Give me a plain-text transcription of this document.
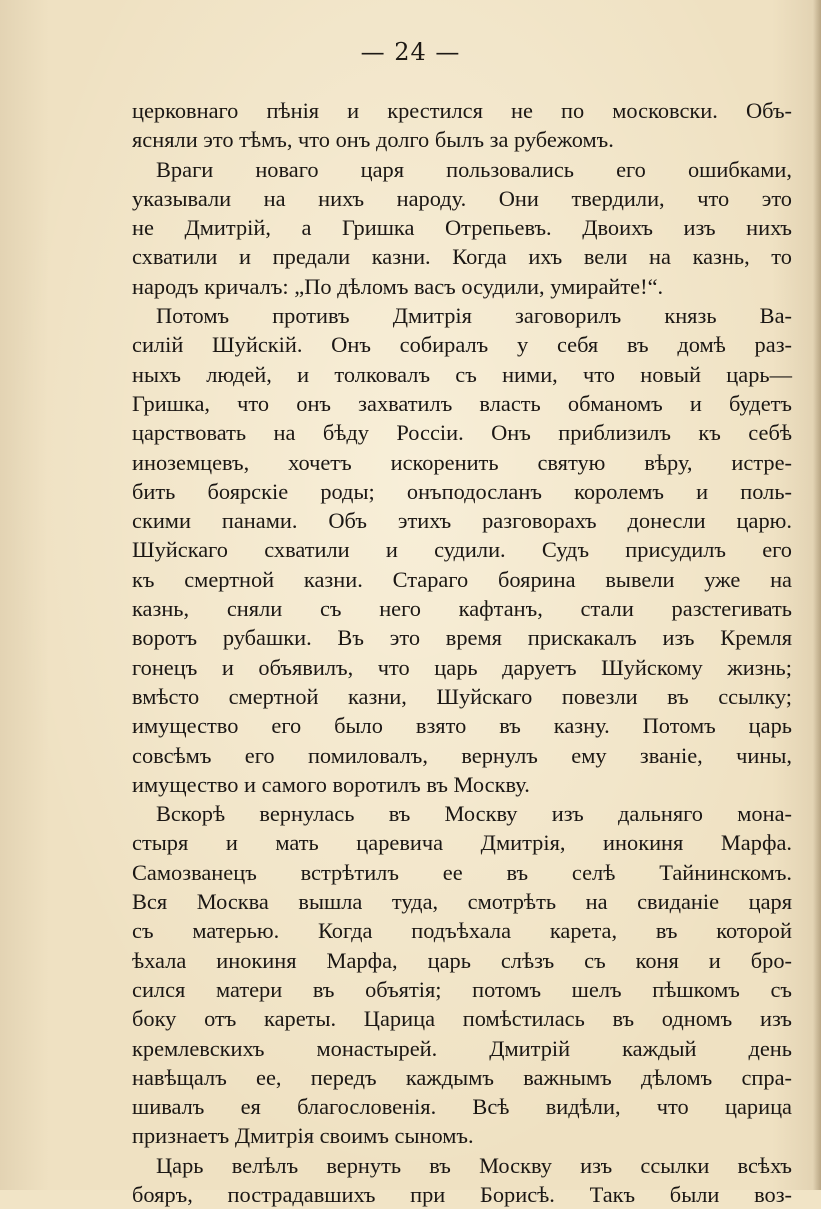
— 24 —
церковнаго пѣнія и крестился не по московски. Объ-
ясняли это тѣмъ, что онъ долго былъ за рубежомъ.
Враги новаго царя пользовались его ошибками,
указывали на нихъ народу. Они твердили, что это
не Дмитрій, а Гришка Отрепьевъ. Двоихъ изъ нихъ
схватили и предали казни. Когда ихъ вели на казнь, то
народъ кричалъ: „По дѣломъ васъ осудили, умирайте!“.
Потомъ противъ Дмитрія заговорилъ князь Ва-
силій Шуйскій. Онъ собиралъ у себя въ домѣ раз-
ныхъ людей, и толковалъ съ ними, что новый царь—
Гришка, что онъ захватилъ власть обманомъ и будетъ
царствовать на бѣду Россіи. Онъ приблизилъ къ себѣ
иноземцевъ, хочетъ искоренить святую вѣру, истре-
бить боярскіе роды; онъподосланъ королемъ и поль-
скими панами. Объ этихъ разговорахъ донесли царю.
Шуйскаго схватили и судили. Судъ присудилъ его
къ смертной казни. Стараго боярина вывели уже на
казнь, сняли съ него кафтанъ, стали разстегивать
воротъ рубашки. Въ это время прискакалъ изъ Кремля
гонецъ и объявилъ, что царь даруетъ Шуйскому жизнь;
вмѣсто смертной казни, Шуйскаго повезли въ ссылку;
имущество его было взято въ казну. Потомъ царь
совсѣмъ его помиловалъ, вернулъ ему званіе, чины,
имущество и самого воротилъ въ Москву.
Вскорѣ вернулась въ Москву изъ дальняго мона-
стыря и мать царевича Дмитрія, инокиня Марфа.
Самозванецъ встрѣтилъ ее въ селѣ Тайнинскомъ.
Вся Москва вышла туда, смотрѣть на свиданіе царя
съ матерью. Когда подъѣхала карета, въ которой
ѣхала инокиня Марфа, царь слѣзъ съ коня и бро-
сился матери въ объятія; потомъ шелъ пѣшкомъ съ
боку отъ кареты. Царица помѣстилась въ одномъ изъ
кремлевскихъ монастырей. Дмитрій каждый день
навѣщалъ ее, передъ каждымъ важнымъ дѣломъ спра-
шивалъ ея благословенія. Всѣ видѣли, что царица
признаетъ Дмитрія своимъ сыномъ.
Царь велѣлъ вернуть въ Москву изъ ссылки всѣхъ
бояръ, пострадавшихъ при Борисѣ. Такъ были воз-
